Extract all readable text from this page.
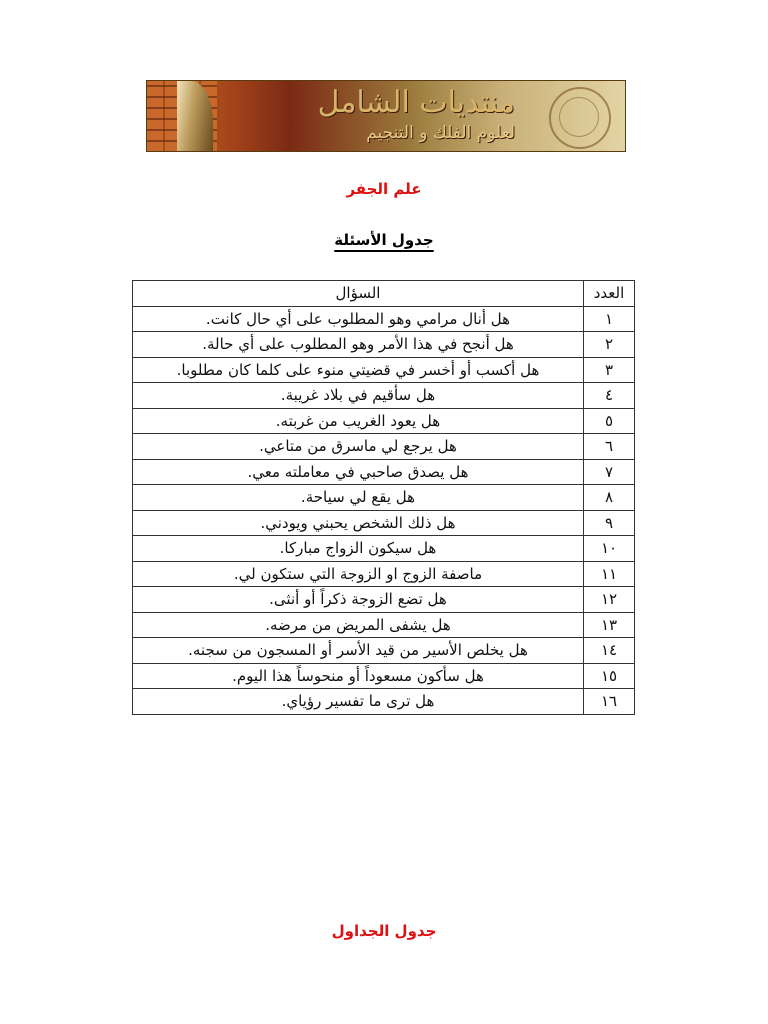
منتديات الشامل
لعلوم الفلك و التنجيم
علم الجفر
جدول الأسئلة
العدد	السؤال
١	هل أنال مرامي وهو المطلوب على أي حال كانت.
٢	هل أنجح في هذا الأمر وهو المطلوب على أي حالة.
٣	هل أكسب أو أخسر في قضيتي منوء على كلما كان مطلوبا.
٤	هل سأقيم في بلاد غريبة.
٥	هل يعود الغريب من غربته.
٦	هل يرجع لي ماسرق من متاعي.
٧	هل يصدق صاحبي في معاملته معي.
٨	هل يقع لي سياحة.
٩	هل ذلك الشخص يحبني ويودني.
١٠	هل سيكون الزواج مباركا.
١١	ماصفة الزوج او الزوجة التي ستكون لي.
١٢	هل تضع الزوجة ذكراً أو أنثى.
١٣	هل يشفى المريض من مرضه.
١٤	هل يخلص الأسير من قيد الأسر أو المسجون من سجنه.
١٥	هل سأكون مسعوداً أو منحوساً هذا اليوم.
١٦	هل ترى ما تفسير رؤياي.
جدول الجداول
